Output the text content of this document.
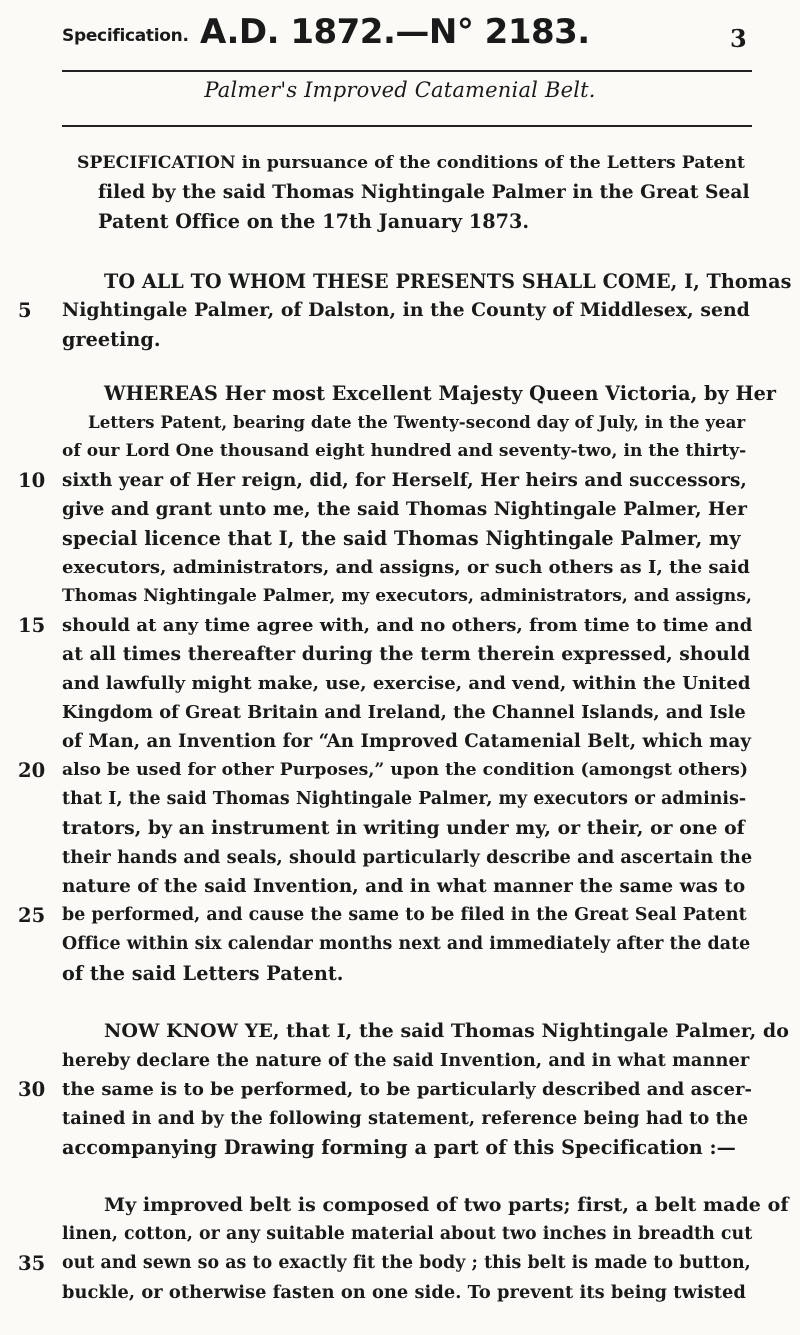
Specification. A.D. 1872.—N° 2183.	3
Palmer's Improved Catamenial Belt.
SPECIFICATION in pursuance of the conditions of the Letters Patent
filed by the said Thomas Nightingale Palmer in the Great Seal
Patent Office on the 17th January 1873.
TO ALL TO WHOM THESE PRESENTS SHALL COME, I, Thomas
5	Nightingale Palmer, of Dalston, in the County of Middlesex, send
greeting.
WHEREAS Her most Excellent Majesty Queen Victoria, by Her
Letters Patent, bearing date the Twenty-second day of July, in the year
of our Lord One thousand eight hundred and seventy-two, in the thirty-
10 sixth year of Her reign, did, for Herself, Her heirs and successors,
give and grant unto me, the said Thomas Nightingale Palmer, Her
special licence that I, the said Thomas Nightingale Palmer, my
executors, administrators, and assigns, or such others as I, the said
Thomas Nightingale Palmer, my executors, administrators, and assigns,
15 should at any time agree with, and no others, from time to time and
at all times thereafter during the term therein expressed, should
and lawfully might make, use, exercise, and vend, within the United
Kingdom of Great Britain and Ireland, the Channel Islands, and Isle
of Man, an Invention for “An Improved Catamenial Belt, which may
20 also be used for other Purposes,” upon the condition (amongst others)
that I, the said Thomas Nightingale Palmer, my executors or adminis-
trators, by an instrument in writing under my, or their, or one of
their hands and seals, should particularly describe and ascertain the
nature of the said Invention, and in what manner the same was to
25 be performed, and cause the same to be filed in the Great Seal Patent
Office within six calendar months next and immediately after the date
of the said Letters Patent.
NOW KNOW YE, that I, the said Thomas Nightingale Palmer, do
hereby declare the nature of the said Invention, and in what manner
30 the same is to be performed, to be particularly described and ascer-
tained in and by the following statement, reference being had to the
accompanying Drawing forming a part of this Specification :—
My improved belt is composed of two parts; first, a belt made of
linen, cotton, or any suitable material about two inches in breadth cut
35 out and sewn so as to exactly fit the body ; this belt is made to button,
buckle, or otherwise fasten on one side. To prevent its being twisted
